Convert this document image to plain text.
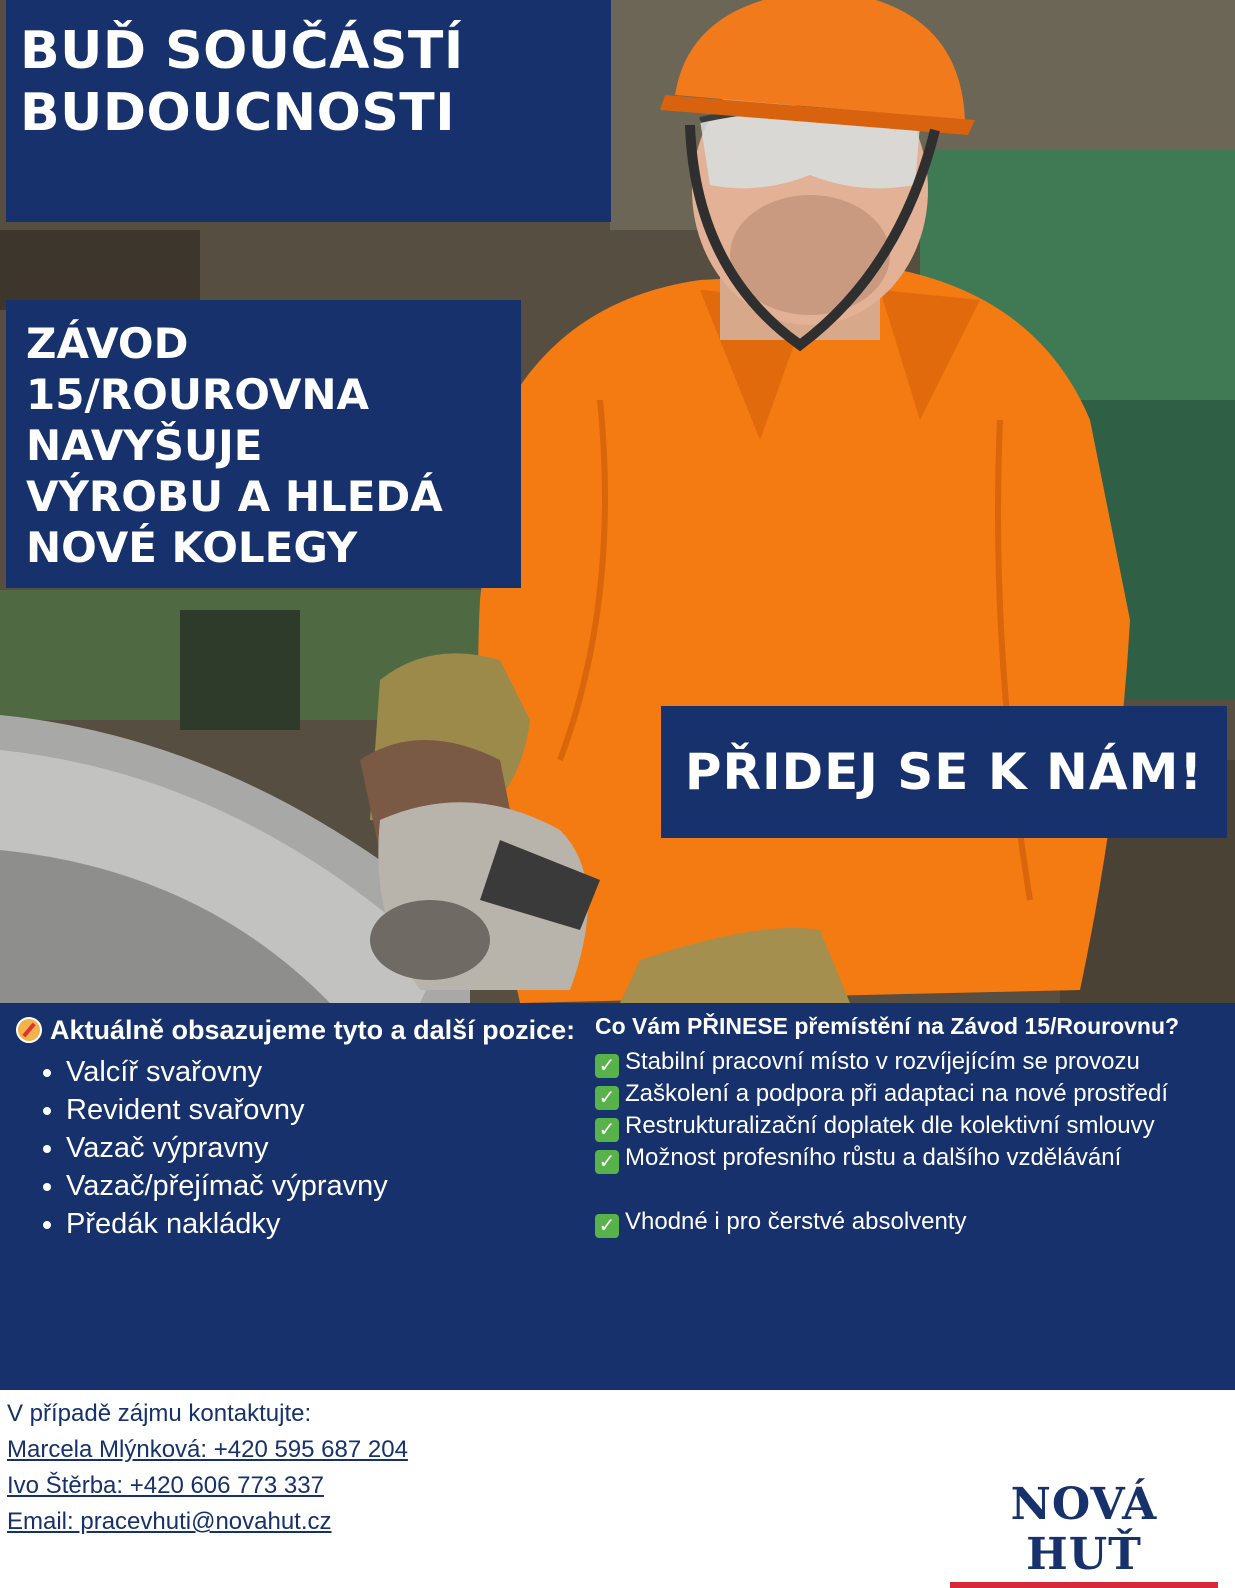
BUĎ SOUČÁSTÍ
BUDOUCNOSTI
ZÁVOD
15/ROUROVNA
NAVYŠUJE
VÝROBU A HLEDÁ
NOVÉ KOLEGY
PŘIDEJ SE K NÁM!

Aktuálně obsazujeme tyto a další pozice:

• Valcíř svařovny
• Revident svařovny
• Vazač výpravny
• Vazač/přejímač výpravny
• Předák nakládky

Co Vám PŘINESE přemístění na Závod 15/Rourovnu?

✓ Stabilní pracovní místo v rozvíjejícím se provozu
✓ Zaškolení a podpora při adaptaci na nové prostředí
✓ Restrukturalizační doplatek dle kolektivní smlouvy
✓ Možnost profesního růstu a dalšího vzdělávání
✓ Vhodné i pro čerstvé absolventy
V případě zájmu kontaktujte:
Marcela Mlýnková: +420 595 687 204
Ivo Štěrba: +420 606 773 337
Email: pracevhuti@novahut.cz	NOVÁ HUŤ
